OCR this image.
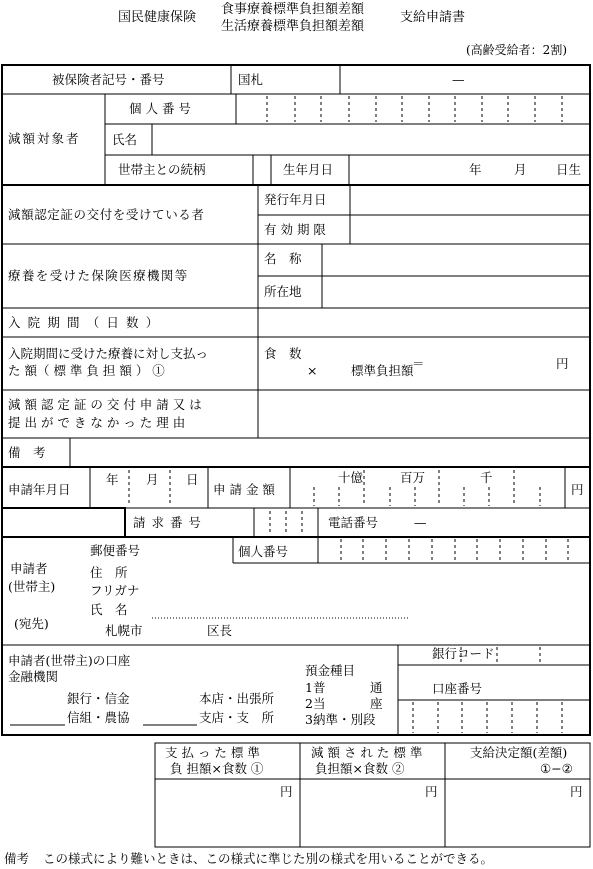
国民健康保険
食事療養標準負担額差額
生活療養標準負担額差額
支給申請書
(高齢受給者：2割)
被保険者記号・番号	国札	—
減額対象者
個 人 番 号
氏名
世帯主との続柄	生年月日	年	月 日生
減額認定証の交付を受けている者
発行年月日
有 効 期 限
療養を受けた保険医療機関等
名　称
所在地
入 院 期 間 （ 日 数 ）
入院期間に受けた療養に対し支払っ
た 額（ 標 準 負 担 額 ） ①
食　数
×	標準負担額
＝	円
減 額 認 定 証 の 交 付 申 請 又 は
提 出 が で き な か っ た 理 由
備　考
申請年月日
年 月 日
申 請 金 額
十億	百万	千
円
請 求 番 号	電話番号	—
申請者
(世帯主)
(宛先)
郵便番号
住　所
フリガナ
氏　名
札幌市	区長
個人番号
申請者(世帯主)の口座
金融機関
銀行・信金
信組・農協
本店・出張所
支店・支　所
銀行コード
預金種目
1普	通
2当	座
3納準・別段
口座番号
支 払 っ た 標 準
負 担額×食数 ①
減 額 さ れ た 標 準
負担額×食数 ②
支給決定額(差額)
①−②
円	円	円
備考 この様式により難いときは、この様式に準じた別の様式を用いることができる。
